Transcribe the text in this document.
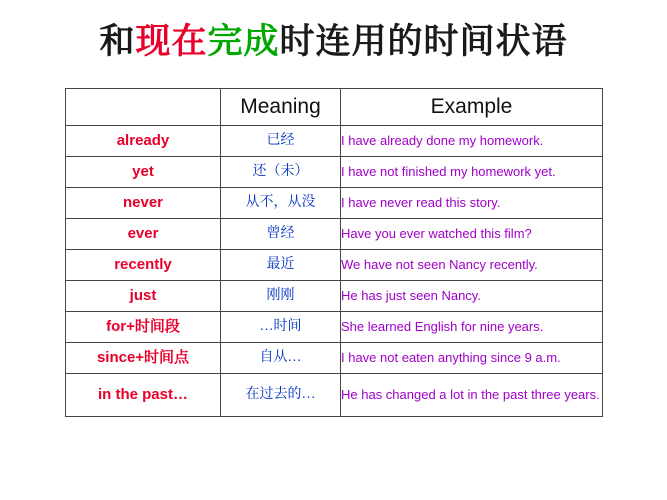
和现在完成时连用的时间状语
	Meaning	Example
already	已经	I have already done my homework.
yet	还（未）	I have not finished my homework yet.
never	从不，从没	I have never read this story.
ever	曾经	Have you ever watched this film?
recently	最近	We have not seen Nancy recently.
just	刚刚	He has just seen Nancy.
for+时间段	…时间	She learned English for nine years.
since+时间点	自从…	I have not eaten anything since 9 a.m.
in the past…	在过去的…	He has changed a lot in the past three years.
